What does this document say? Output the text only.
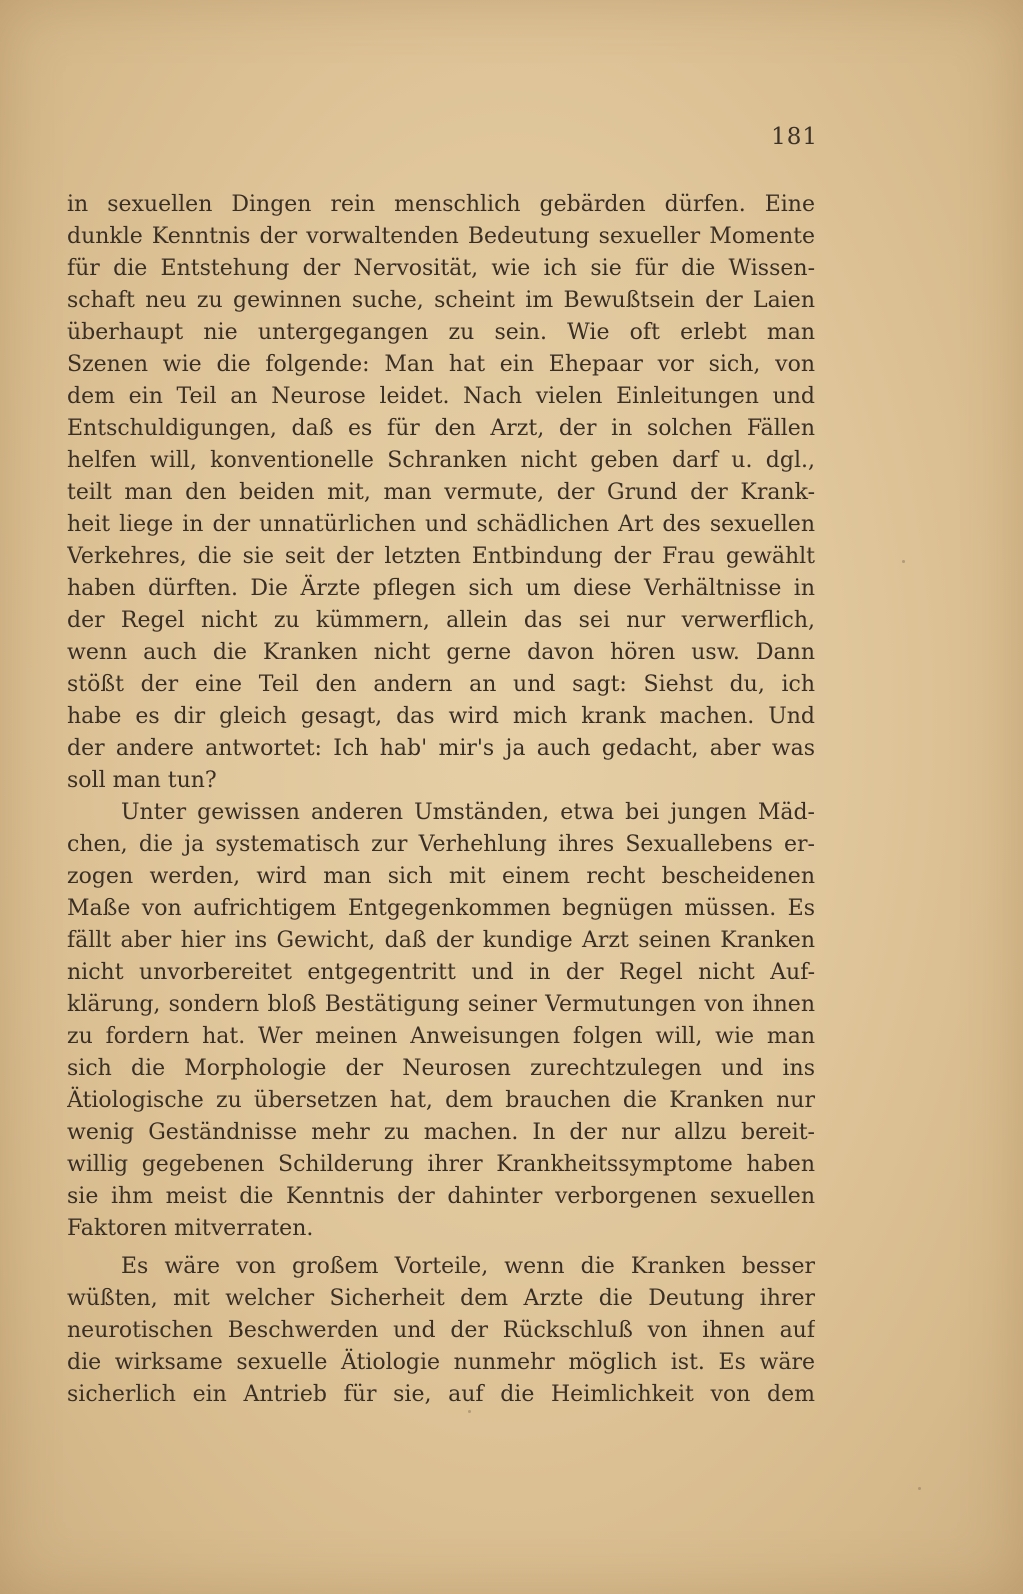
181
in sexuellen Dingen rein menschlich gebärden dürfen. Eine
dunkle Kenntnis der vorwaltenden Bedeutung sexueller Momente
für die Entstehung der Nervosität, wie ich sie für die Wissen-
schaft neu zu gewinnen suche, scheint im Bewußtsein der Laien
überhaupt nie untergegangen zu sein. Wie oft erlebt man
Szenen wie die folgende: Man hat ein Ehepaar vor sich, von
dem ein Teil an Neurose leidet. Nach vielen Einleitungen und
Entschuldigungen, daß es für den Arzt, der in solchen Fällen
helfen will, konventionelle Schranken nicht geben darf u. dgl.,
teilt man den beiden mit, man vermute, der Grund der Krank-
heit liege in der unnatürlichen und schädlichen Art des sexuellen
Verkehres, die sie seit der letzten Entbindung der Frau gewählt
haben dürften. Die Ärzte pflegen sich um diese Verhältnisse in
der Regel nicht zu kümmern, allein das sei nur verwerflich,
wenn auch die Kranken nicht gerne davon hören usw. Dann
stößt der eine Teil den andern an und sagt: Siehst du, ich
habe es dir gleich gesagt, das wird mich krank machen. Und
der andere antwortet: Ich hab' mir's ja auch gedacht, aber was
soll man tun?
Unter gewissen anderen Umständen, etwa bei jungen Mäd-
chen, die ja systematisch zur Verhehlung ihres Sexuallebens er-
zogen werden, wird man sich mit einem recht bescheidenen
Maße von aufrichtigem Entgegenkommen begnügen müssen. Es
fällt aber hier ins Gewicht, daß der kundige Arzt seinen Kranken
nicht unvorbereitet entgegentritt und in der Regel nicht Auf-
klärung, sondern bloß Bestätigung seiner Vermutungen von ihnen
zu fordern hat. Wer meinen Anweisungen folgen will, wie man
sich die Morphologie der Neurosen zurechtzulegen und ins
Ätiologische zu übersetzen hat, dem brauchen die Kranken nur
wenig Geständnisse mehr zu machen. In der nur allzu bereit-
willig gegebenen Schilderung ihrer Krankheitssymptome haben
sie ihm meist die Kenntnis der dahinter verborgenen sexuellen
Faktoren mitverraten.
Es wäre von großem Vorteile, wenn die Kranken besser
wüßten, mit welcher Sicherheit dem Arzte die Deutung ihrer
neurotischen Beschwerden und der Rückschluß von ihnen auf
die wirksame sexuelle Ätiologie nunmehr möglich ist. Es wäre
sicherlich ein Antrieb für sie, auf die Heimlichkeit von dem
